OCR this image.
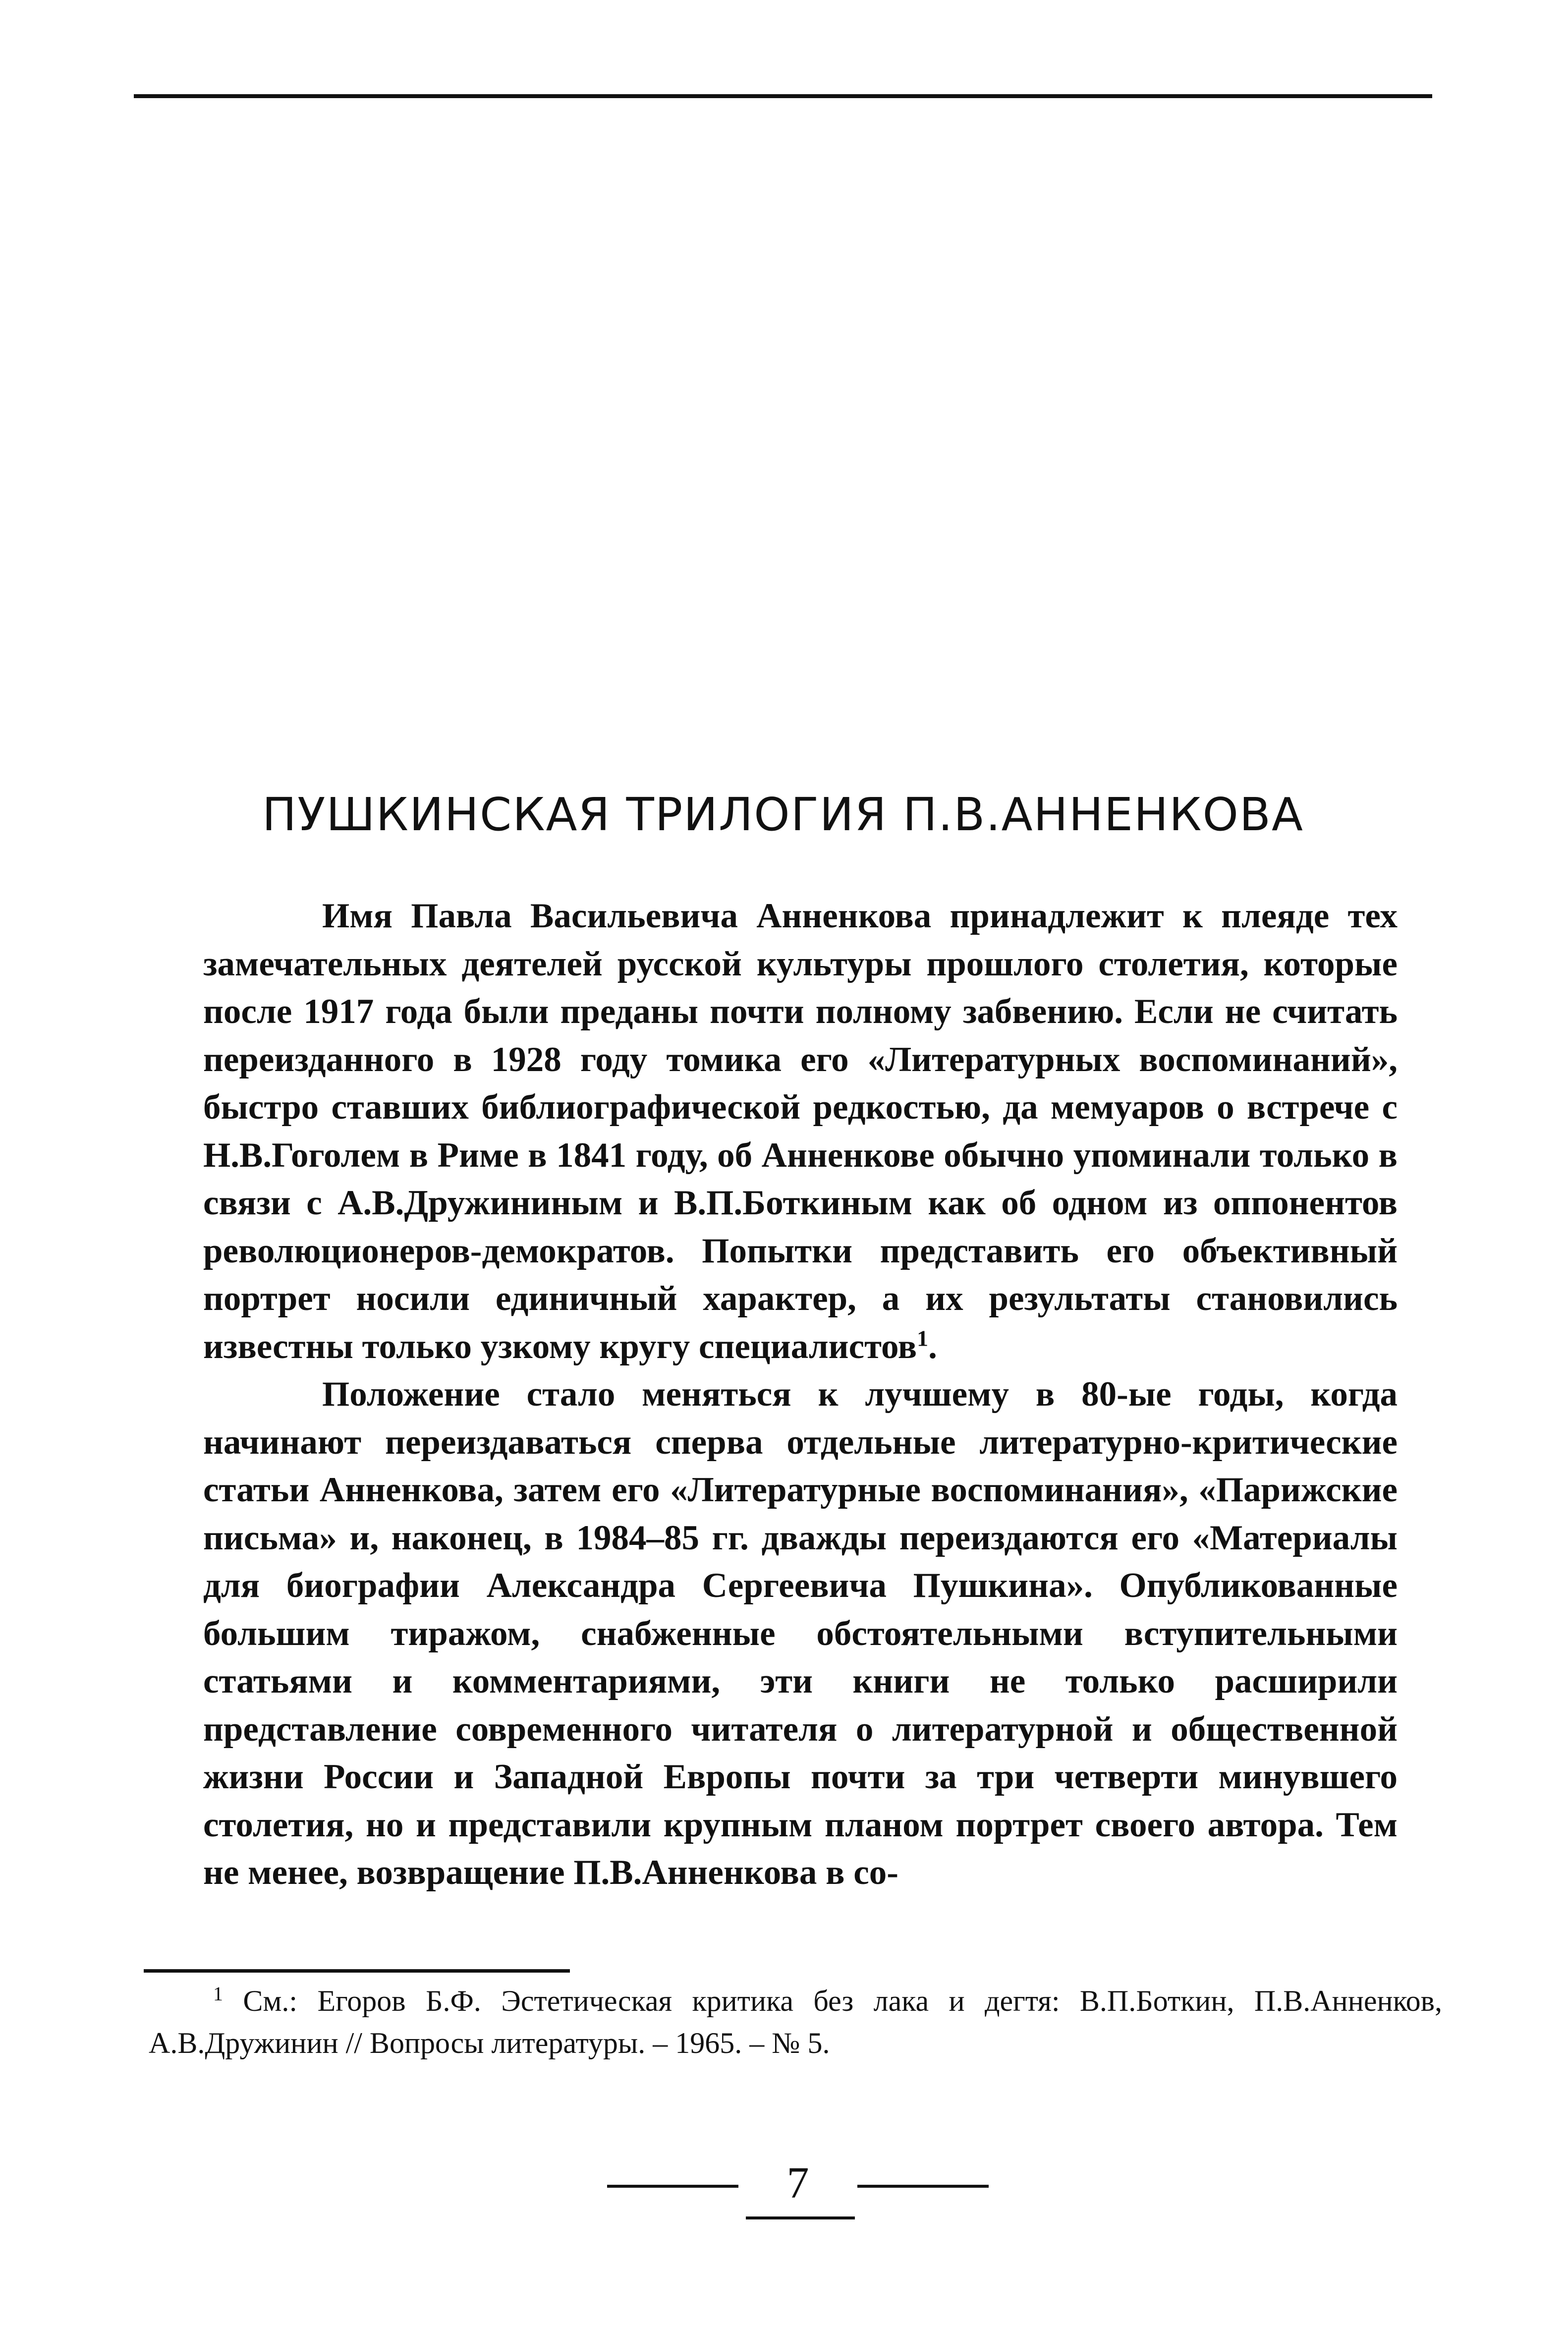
ПУШКИНСКАЯ ТРИЛОГИЯ П.В.АННЕНКОВА

Имя Павла Васильевича Анненкова принадлежит к плеяде тех замечательных деятелей русской культуры прошлого столетия, которые после 1917 года были преданы почти полному забвению. Если не считать переизданного в 1928 году томика его «Литературных воспоминаний», быстро ставших библиографической редкостью, да мемуаров о встрече с Н.В.Гоголем в Риме в 1841 году, об Анненкове обычно упоминали только в связи с А.В.Дружининым и В.П.Боткиным как об одном из оппонентов революционеров-демократов. Попытки представить его объективный портрет носили единичный характер, а их результаты становились известны только узкому кругу специалистов$^1$.

Положение стало меняться к лучшему в 80-ые годы, когда начинают переиздаваться сперва отдельные литературно-критические статьи Анненкова, затем его «Литературные воспоминания», «Парижские письма» и, наконец, в 1984–85 гг. дважды переиздаются его «Материалы для биографии Александра Сергеевича Пушкина». Опубликованные большим тиражом, снабженные обстоятельными вступительными статьями и комментариями, эти книги не только расширили представление современного читателя о литературной и общественной жизни России и Западной Европы почти за три четверти минувшего столетия, но и представили крупным планом портрет своего автора. Тем не менее, возвращение П.В.Анненкова в со-

$^1$ См.: Егоров Б.Ф. Эстетическая критика без лака и дегтя: В.П.Боткин, П.В.Анненков, А.В.Дружинин // Вопросы литературы. – 1965. – № 5.

7
